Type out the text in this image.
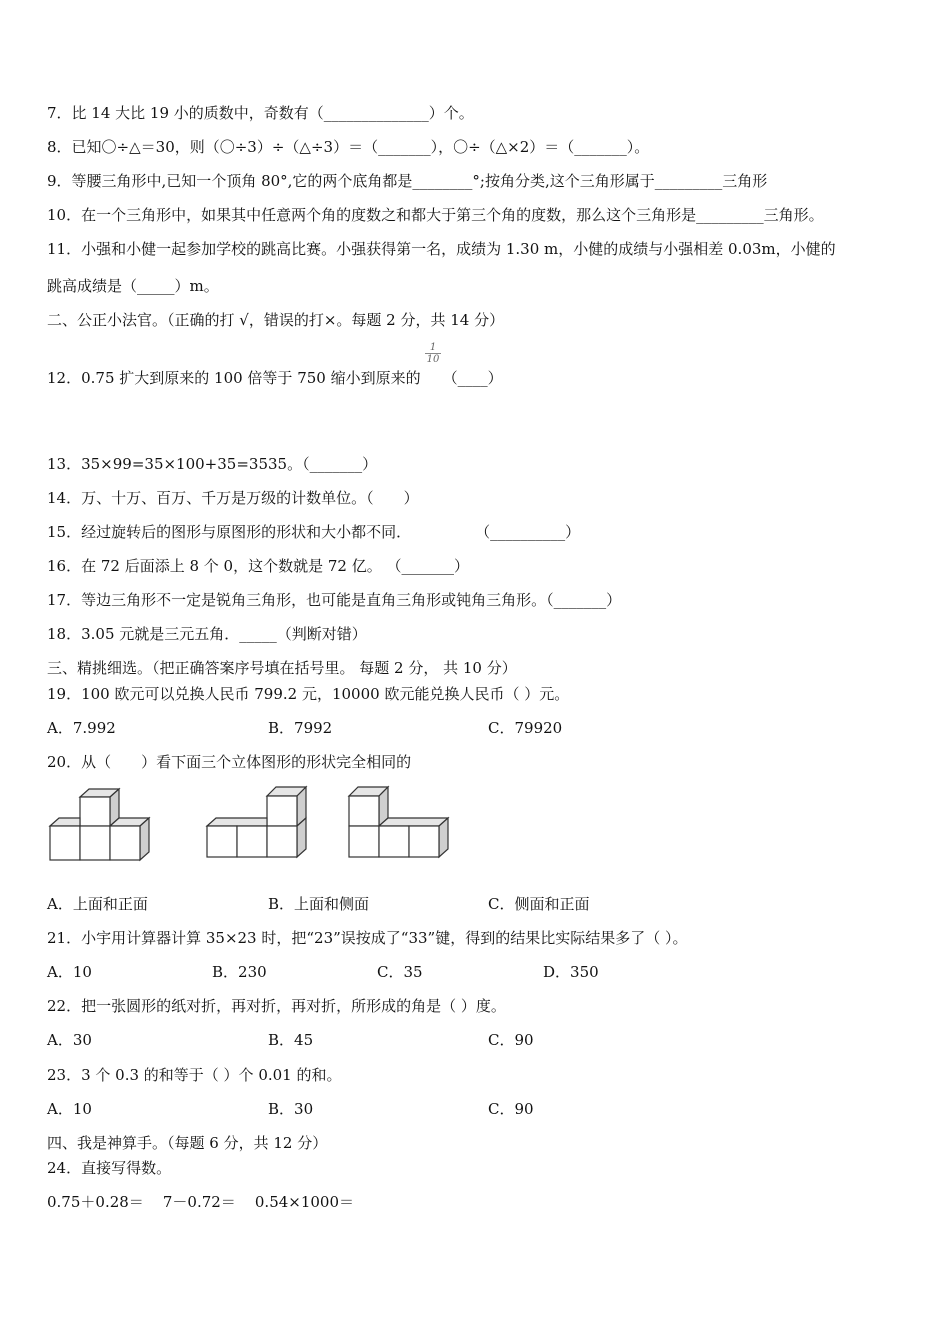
7．比 14 大比 19 小的质数中，奇数有（______________）个。
8．已知〇÷△＝30，则（〇÷3）÷（△÷3）＝（_______），〇÷（△×2）＝（_______）。
9．等腰三角形中,已知一个顶角 80°,它的两个底角都是________°;按角分类,这个三角形属于_________三角形
10．在一个三角形中，如果其中任意两个角的度数之和都大于第三个角的度数，那么这个三角形是_________三角形。
11．小强和小健一起参加学校的跳高比赛。小强获得第一名，成绩为 1.30 m，小健的成绩与小强相差 0.03m，小健的
跳高成绩是（_____）m。
二、公正小法官。（正确的打 √，错误的打×。每题 2 分，共 14 分）
12．0.75 扩大到原来的 100 倍等于 750 缩小到原来的 （____）
$\frac{1}{10}$
13．35×99=35×100+35=3535。（_______）
14．万、十万、百万、千万是万级的计数单位。（　　）
15．经过旋转后的图形与原图形的形状和大小都不同．	（__________）
16．在 72 后面添上 8 个 0，这个数就是 72 亿。 （_______）
17．等边三角形不一定是锐角三角形，也可能是直角三角形或钝角三角形。（_______）
18．3.05 元就是三元五角．_____（判断对错）
三、精挑细选。（把正确答案序号填在括号里。 每题 2 分， 共 10 分）
19．100 欧元可以兑换人民币 799.2 元，10000 欧元能兑换人民币（ ）元。
A．7.992	B．7992	C．79920
20．从（　　）看下面三个立体图形的形状完全相同的
A．上面和正面	B．上面和侧面	C．侧面和正面
21．小宇用计算器计算 35×23 时，把“23”误按成了“33”键，得到的结果比实际结果多了（ ）。
A．10	B．230	C．35	D．350
22．把一张圆形的纸对折，再对折，再对折，所形成的角是（ ）度。
A．30	B．45	C．90
23．3 个 0.3 的和等于（ ）个 0.01 的和。
A．10	B．30	C．90
四、我是神算手。（每题 6 分，共 12 分）
24．直接写得数。
0.75＋0.28＝    7－0.72＝    0.54×1000＝
